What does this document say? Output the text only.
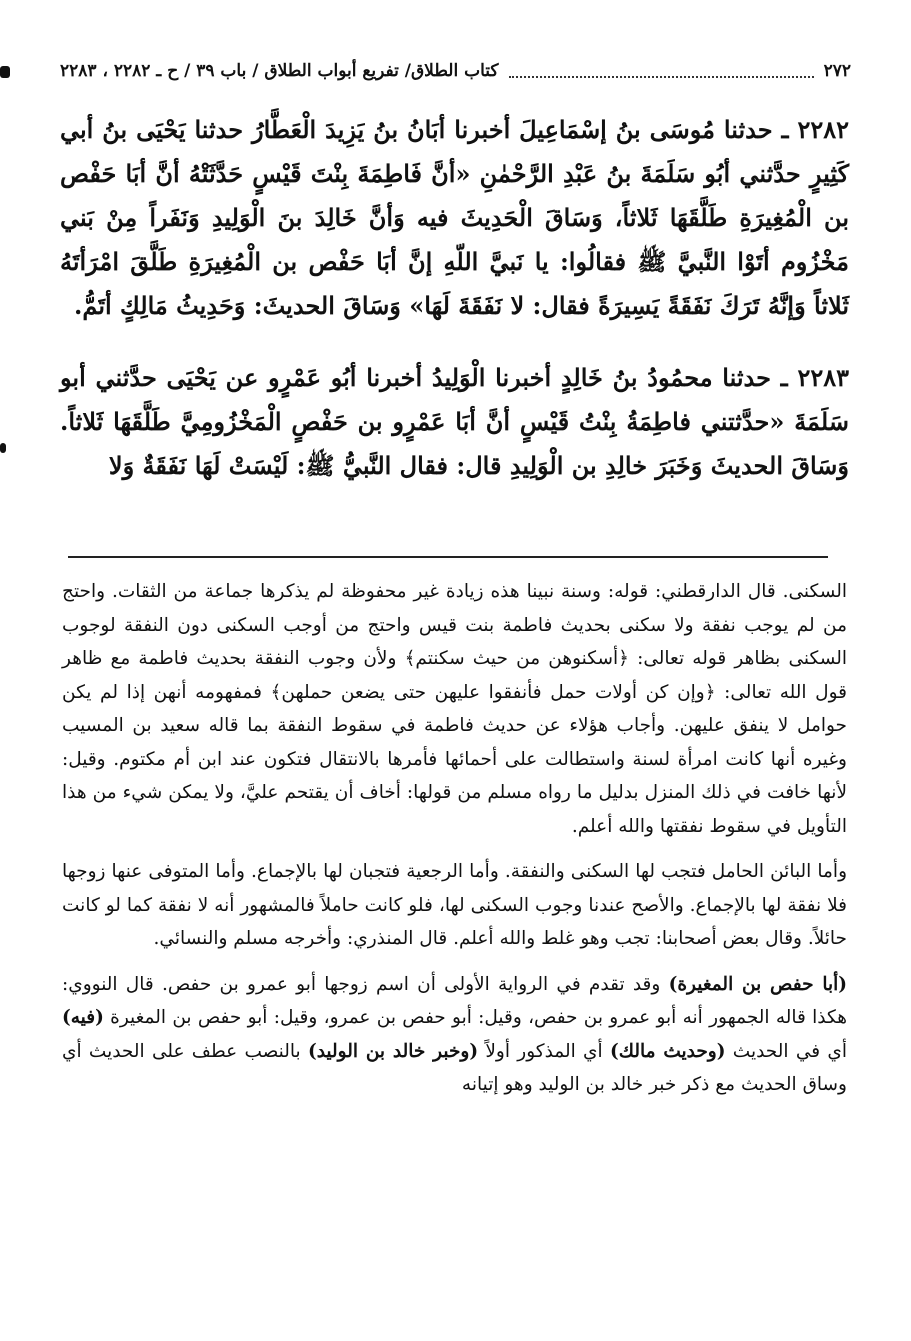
٢٧٢
كتاب الطلاق/ تفريع أبواب الطلاق / باب ٣٩ / ح ـ ٢٢٨٢ ، ٢٢٨٣

٢٢٨٢ ـ حدثنا مُوسَى بنُ إسْمَاعِيلَ أخبرنا أبَانُ بنُ يَزِيدَ الْعَطَّارُ حدثنا يَحْيَى بنُ أبي كَثِيرٍ حدَّثني أبُو سَلَمَةَ بنُ عَبْدِ الرَّحْمٰنِ «أنَّ فَاطِمَةَ بِنْتَ قَيْسٍ حَدَّثَتْهُ أنَّ أبَا حَفْص بن الْمُغِيرَةِ طَلَّقَهَا ثَلاثاً، وَسَاقَ الْحَدِيثَ فيه وَأنَّ خَالِدَ بنَ الْوَلِيدِ وَنَفَراً مِنْ بَني مَخْزُوم أتَوْا النَّبيَّ ﷺ فقالُوا: يا نَبيَّ اللّهِ إنَّ أبَا حَفْص بن الْمُغِيرَةِ طَلَّقَ امْرَأتَهُ ثَلاثاً وَإنَّهُ تَرَكَ نَفَقَةً يَسِيرَةً فقال: لا نَفَقَةَ لَهَا» وَسَاقَ الحديثَ: وَحَدِيثُ مَالِكٍ أتَمُّ.

٢٢٨٣ ـ حدثنا محمُودُ بنُ خَالِدٍ أخبرنا الْوَلِيدُ أخبرنا أبُو عَمْرٍو عن يَحْيَى حدَّثني أبو سَلَمَةَ «حدَّثتني فاطِمَةُ بِنْتُ قَيْسٍ أنَّ أبَا عَمْرٍو بن حَفْصٍ الْمَخْزُومِيَّ طَلَّقَهَا ثَلاثاً. وَسَاقَ الحديثَ وَخَبَرَ خالِدِ بن الْوَلِيدِ قال: فقال النَّبيُّ ﷺ: لَيْسَتْ لَهَا نَفَقَةٌ وَلا

السكنى. قال الدارقطني: قوله: وسنة نبينا هذه زيادة غير محفوظة لم يذكرها جماعة من الثقات. واحتج من لم يوجب نفقة ولا سكنى بحديث فاطمة بنت قيس واحتج من أوجب السكنى دون النفقة لوجوب السكنى بظاهر قوله تعالى: ﴿أسكنوهن من حيث سكنتم﴾ ولأن وجوب النفقة بحديث فاطمة مع ظاهر قول الله تعالى: ﴿وإن كن أولات حمل فأنفقوا عليهن حتى يضعن حملهن﴾ فمفهومه أنهن إذا لم يكن حوامل لا ينفق عليهن. وأجاب هؤلاء عن حديث فاطمة في سقوط النفقة بما قاله سعيد بن المسيب وغيره أنها كانت امرأة لسنة واستطالت على أحمائها فأمرها بالانتقال فتكون عند ابن أم مكتوم. وقيل: لأنها خافت في ذلك المنزل بدليل ما رواه مسلم من قولها: أخاف أن يقتحم عليَّ، ولا يمكن شيء من هذا التأويل في سقوط نفقتها والله أعلم.

وأما البائن الحامل فتجب لها السكنى والنفقة. وأما الرجعية فتجبان لها بالإجماع. وأما المتوفى عنها زوجها فلا نفقة لها بالإجماع. والأصح عندنا وجوب السكنى لها، فلو كانت حاملاً فالمشهور أنه لا نفقة كما لو كانت حائلاً. وقال بعض أصحابنا: تجب وهو غلط والله أعلم. قال المنذري: وأخرجه مسلم والنسائي.

(أبا حفص بن المغيرة) وقد تقدم في الرواية الأولى أن اسم زوجها أبو عمرو بن حفص. قال النووي: هكذا قاله الجمهور أنه أبو عمرو بن حفص، وقيل: أبو حفص بن عمرو، وقيل: أبو حفص بن المغيرة (فيه) أي في الحديث (وحديث مالك) أي المذكور أولاً (وخبر خالد بن الوليد) بالنصب عطف على الحديث أي وساق الحديث مع ذكر خبر خالد بن الوليد وهو إتيانه
